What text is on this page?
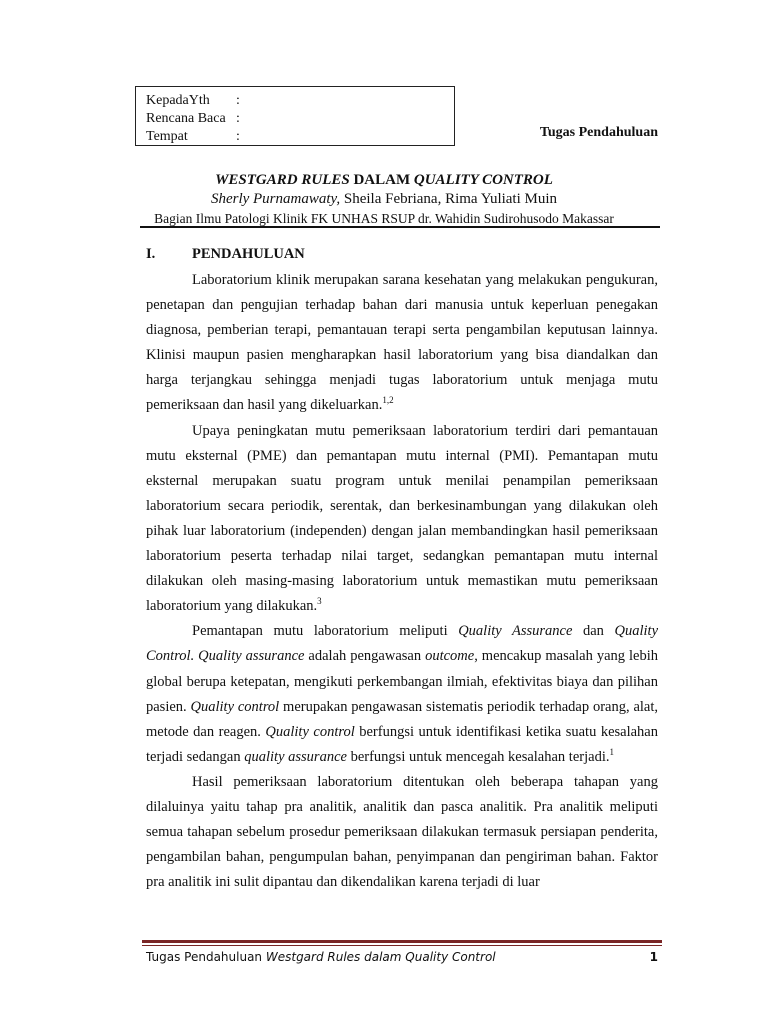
KepadaYth	:
Rencana Baca :
Tempat	:	Tugas Pendahuluan
WESTGARD RULES DALAM QUALITY CONTROL
Sherly Purnamawaty, Sheila Febriana, Rima Yuliati Muin
Bagian Ilmu Patologi Klinik FK UNHAS RSUP dr. Wahidin Sudirohusodo Makassar
I.	PENDAHULUAN

Laboratorium klinik merupakan sarana kesehatan yang melakukan pengukuran, penetapan dan pengujian terhadap bahan dari manusia untuk keperluan penegakan diagnosa, pemberian terapi, pemantauan terapi serta pengambilan keputusan lainnya. Klinisi maupun pasien mengharapkan hasil laboratorium yang bisa diandalkan dan harga terjangkau sehingga menjadi tugas laboratorium untuk menjaga mutu pemeriksaan dan hasil yang dikeluarkan.$^{1,2}$

Upaya peningkatan mutu pemeriksaan laboratorium terdiri dari pemantauan mutu eksternal (PME) dan pemantapan mutu internal (PMI). Pemantapan mutu eksternal merupakan suatu program untuk menilai penampilan pemeriksaan laboratorium secara periodik, serentak, dan berkesinambungan yang dilakukan oleh pihak luar laboratorium (independen) dengan jalan membandingkan hasil pemeriksaan laboratorium peserta terhadap nilai target, sedangkan pemantapan mutu internal dilakukan oleh masing-masing laboratorium untuk memastikan mutu pemeriksaan laboratorium yang dilakukan.$^3$

Pemantapan mutu laboratorium meliputi Quality Assurance dan Quality Control. Quality assurance adalah pengawasan outcome, mencakup masalah yang lebih global berupa ketepatan, mengikuti perkembangan ilmiah, efektivitas biaya dan pilihan pasien. Quality control merupakan pengawasan sistematis periodik terhadap orang, alat, metode dan reagen. Quality control berfungsi untuk identifikasi ketika suatu kesalahan terjadi sedangan quality assurance berfungsi untuk mencegah kesalahan terjadi.$^1$

Hasil pemeriksaan laboratorium ditentukan oleh beberapa tahapan yang dilaluinya yaitu tahap pra analitik, analitik dan pasca analitik. Pra analitik meliputi semua tahapan sebelum prosedur pemeriksaan dilakukan termasuk persiapan penderita, pengambilan bahan, pengumpulan bahan, penyimpanan dan pengiriman bahan. Faktor pra analitik ini sulit dipantau dan dikendalikan karena terjadi di luar

Tugas Pendahuluan Westgard Rules dalam Quality Control	1
